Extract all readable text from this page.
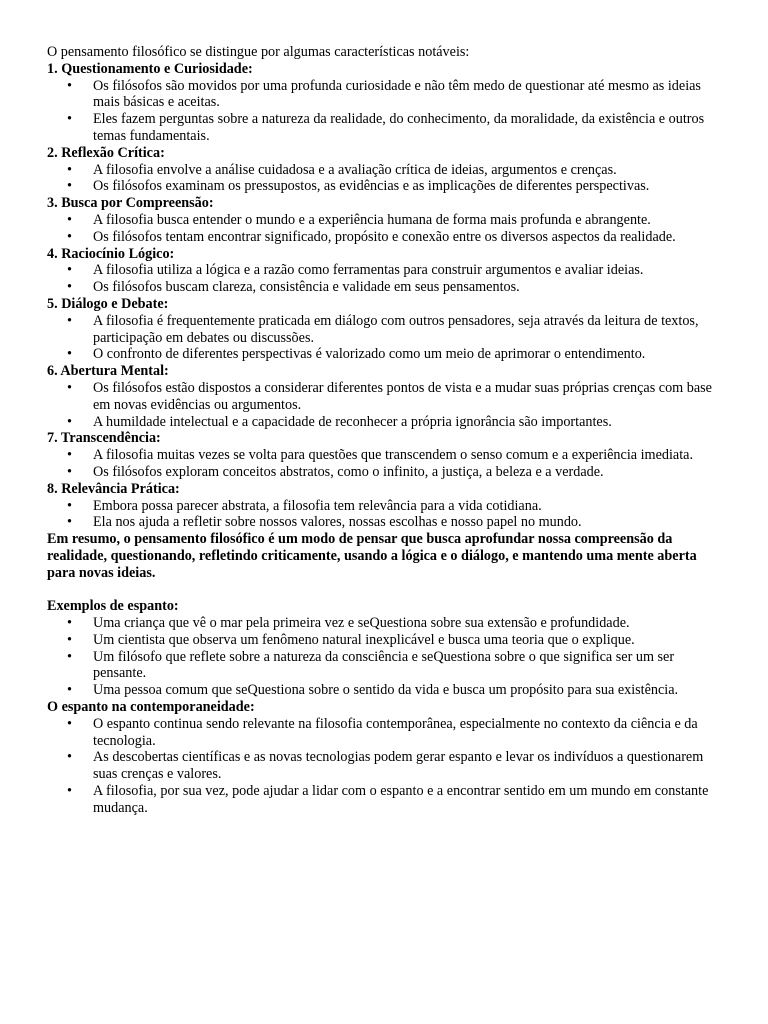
O pensamento filosófico se distingue por algumas características notáveis:

1. Questionamento e Curiosidade:

• Os filósofos são movidos por uma profunda curiosidade e não têm medo de questionar até mesmo as ideias mais básicas e aceitas.
• Eles fazem perguntas sobre a natureza da realidade, do conhecimento, da moralidade, da existência e outros temas fundamentais.

2. Reflexão Crítica:

• A filosofia envolve a análise cuidadosa e a avaliação crítica de ideias, argumentos e crenças.
• Os filósofos examinam os pressupostos, as evidências e as implicações de diferentes perspectivas.

3. Busca por Compreensão:

• A filosofia busca entender o mundo e a experiência humana de forma mais profunda e abrangente.
• Os filósofos tentam encontrar significado, propósito e conexão entre os diversos aspectos da realidade.

4. Raciocínio Lógico:

• A filosofia utiliza a lógica e a razão como ferramentas para construir argumentos e avaliar ideias.
• Os filósofos buscam clareza, consistência e validade em seus pensamentos.

5. Diálogo e Debate:

• A filosofia é frequentemente praticada em diálogo com outros pensadores, seja através da leitura de textos, participação em debates ou discussões.
• O confronto de diferentes perspectivas é valorizado como um meio de aprimorar o entendimento.

6. Abertura Mental:

• Os filósofos estão dispostos a considerar diferentes pontos de vista e a mudar suas próprias crenças com base em novas evidências ou argumentos.
• A humildade intelectual e a capacidade de reconhecer a própria ignorância são importantes.

7. Transcendência:

• A filosofia muitas vezes se volta para questões que transcendem o senso comum e a experiência imediata.
• Os filósofos exploram conceitos abstratos, como o infinito, a justiça, a beleza e a verdade.

8. Relevância Prática:

• Embora possa parecer abstrata, a filosofia tem relevância para a vida cotidiana.
• Ela nos ajuda a refletir sobre nossos valores, nossas escolhas e nosso papel no mundo.

Em resumo, o pensamento filosófico é um modo de pensar que busca aprofundar nossa compreensão da realidade, questionando, refletindo criticamente, usando a lógica e o diálogo, e mantendo uma mente aberta para novas ideias.

Exemplos de espanto:

• Uma criança que vê o mar pela primeira vez e seQuestiona sobre sua extensão e profundidade.
• Um cientista que observa um fenômeno natural inexplicável e busca uma teoria que o explique.
• Um filósofo que reflete sobre a natureza da consciência e seQuestiona sobre o que significa ser um ser pensante.
• Uma pessoa comum que seQuestiona sobre o sentido da vida e busca um propósito para sua existência.

O espanto na contemporaneidade:

• O espanto continua sendo relevante na filosofia contemporânea, especialmente no contexto da ciência e da tecnologia.
• As descobertas científicas e as novas tecnologias podem gerar espanto e levar os indivíduos a questionarem suas crenças e valores.
• A filosofia, por sua vez, pode ajudar a lidar com o espanto e a encontrar sentido em um mundo em constante mudança.
